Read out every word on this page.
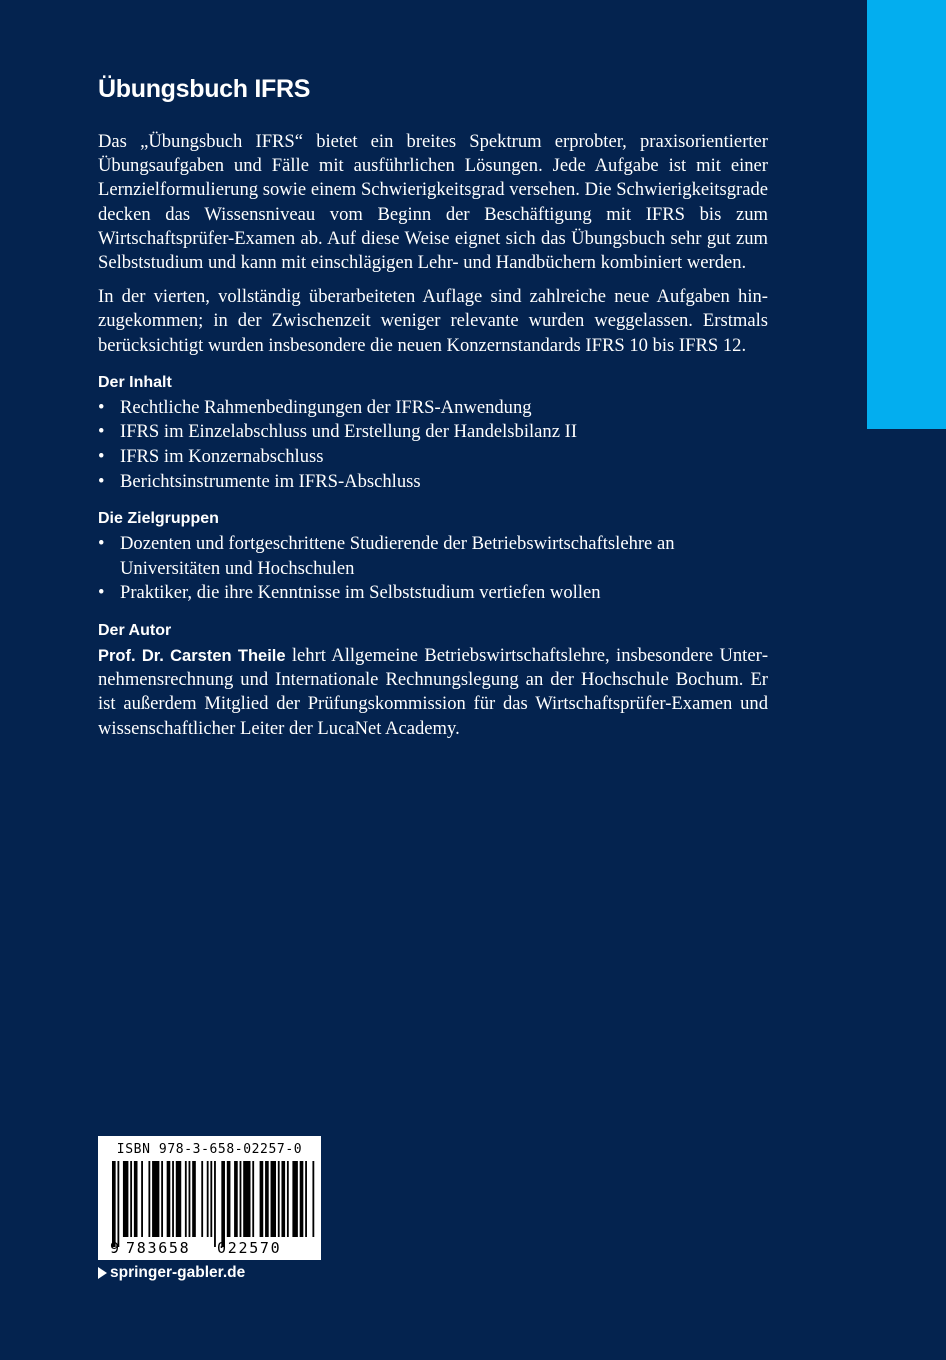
Übungsbuch IFRS

Das „Übungsbuch IFRS“ bietet ein breites Spektrum erprobter, praxisorientierter Übungsaufgaben und Fälle mit ausführlichen Lösungen. Jede Aufgabe ist mit einer Lernzielformulierung sowie einem Schwierigkeitsgrad versehen. Die Schwierigkeitsgrade decken das Wissensniveau vom Beginn der Beschäftigung mit IFRS bis zum Wirtschaftsprüfer-Examen ab. Auf diese Weise eignet sich das Übungsbuch sehr gut zum Selbststudium und kann mit einschlägigen Lehr- und Handbüchern kombiniert werden.

In der vierten, vollständig überarbeiteten Auflage sind zahlreiche neue Aufgaben hinzugekommen; in der Zwischenzeit weniger relevante wurden weggelassen. Erstmals berücksichtigt wurden insbesondere die neuen Konzernstandards IFRS 10 bis IFRS 12.

Der Inhalt
• Rechtliche Rahmenbedingungen der IFRS-Anwendung
• IFRS im Einzelabschluss und Erstellung der Handelsbilanz II
• IFRS im Konzernabschluss
• Berichtsinstrumente im IFRS-Abschluss
Die Zielgruppen
• Dozenten und fortgeschrittene Studierende der Betriebswirtschaftslehre an Universitäten und Hochschulen
• Praktiker, die ihre Kenntnisse im Selbststudium vertiefen wollen
Der Autor

Prof. Dr. Carsten Theile lehrt Allgemeine Betriebswirtschaftslehre, insbesondere Unternehmensrechnung und Internationale Rechnungslegung an der Hochschule Bochum. Er ist außerdem Mitglied der Prüfungskommission für das Wirtschaftsprüfer-Examen und wissenschaftlicher Leiter der LucaNet Academy.

ISBN 978-3-658-02257-0
9 783658 022570
springer-gabler.de
